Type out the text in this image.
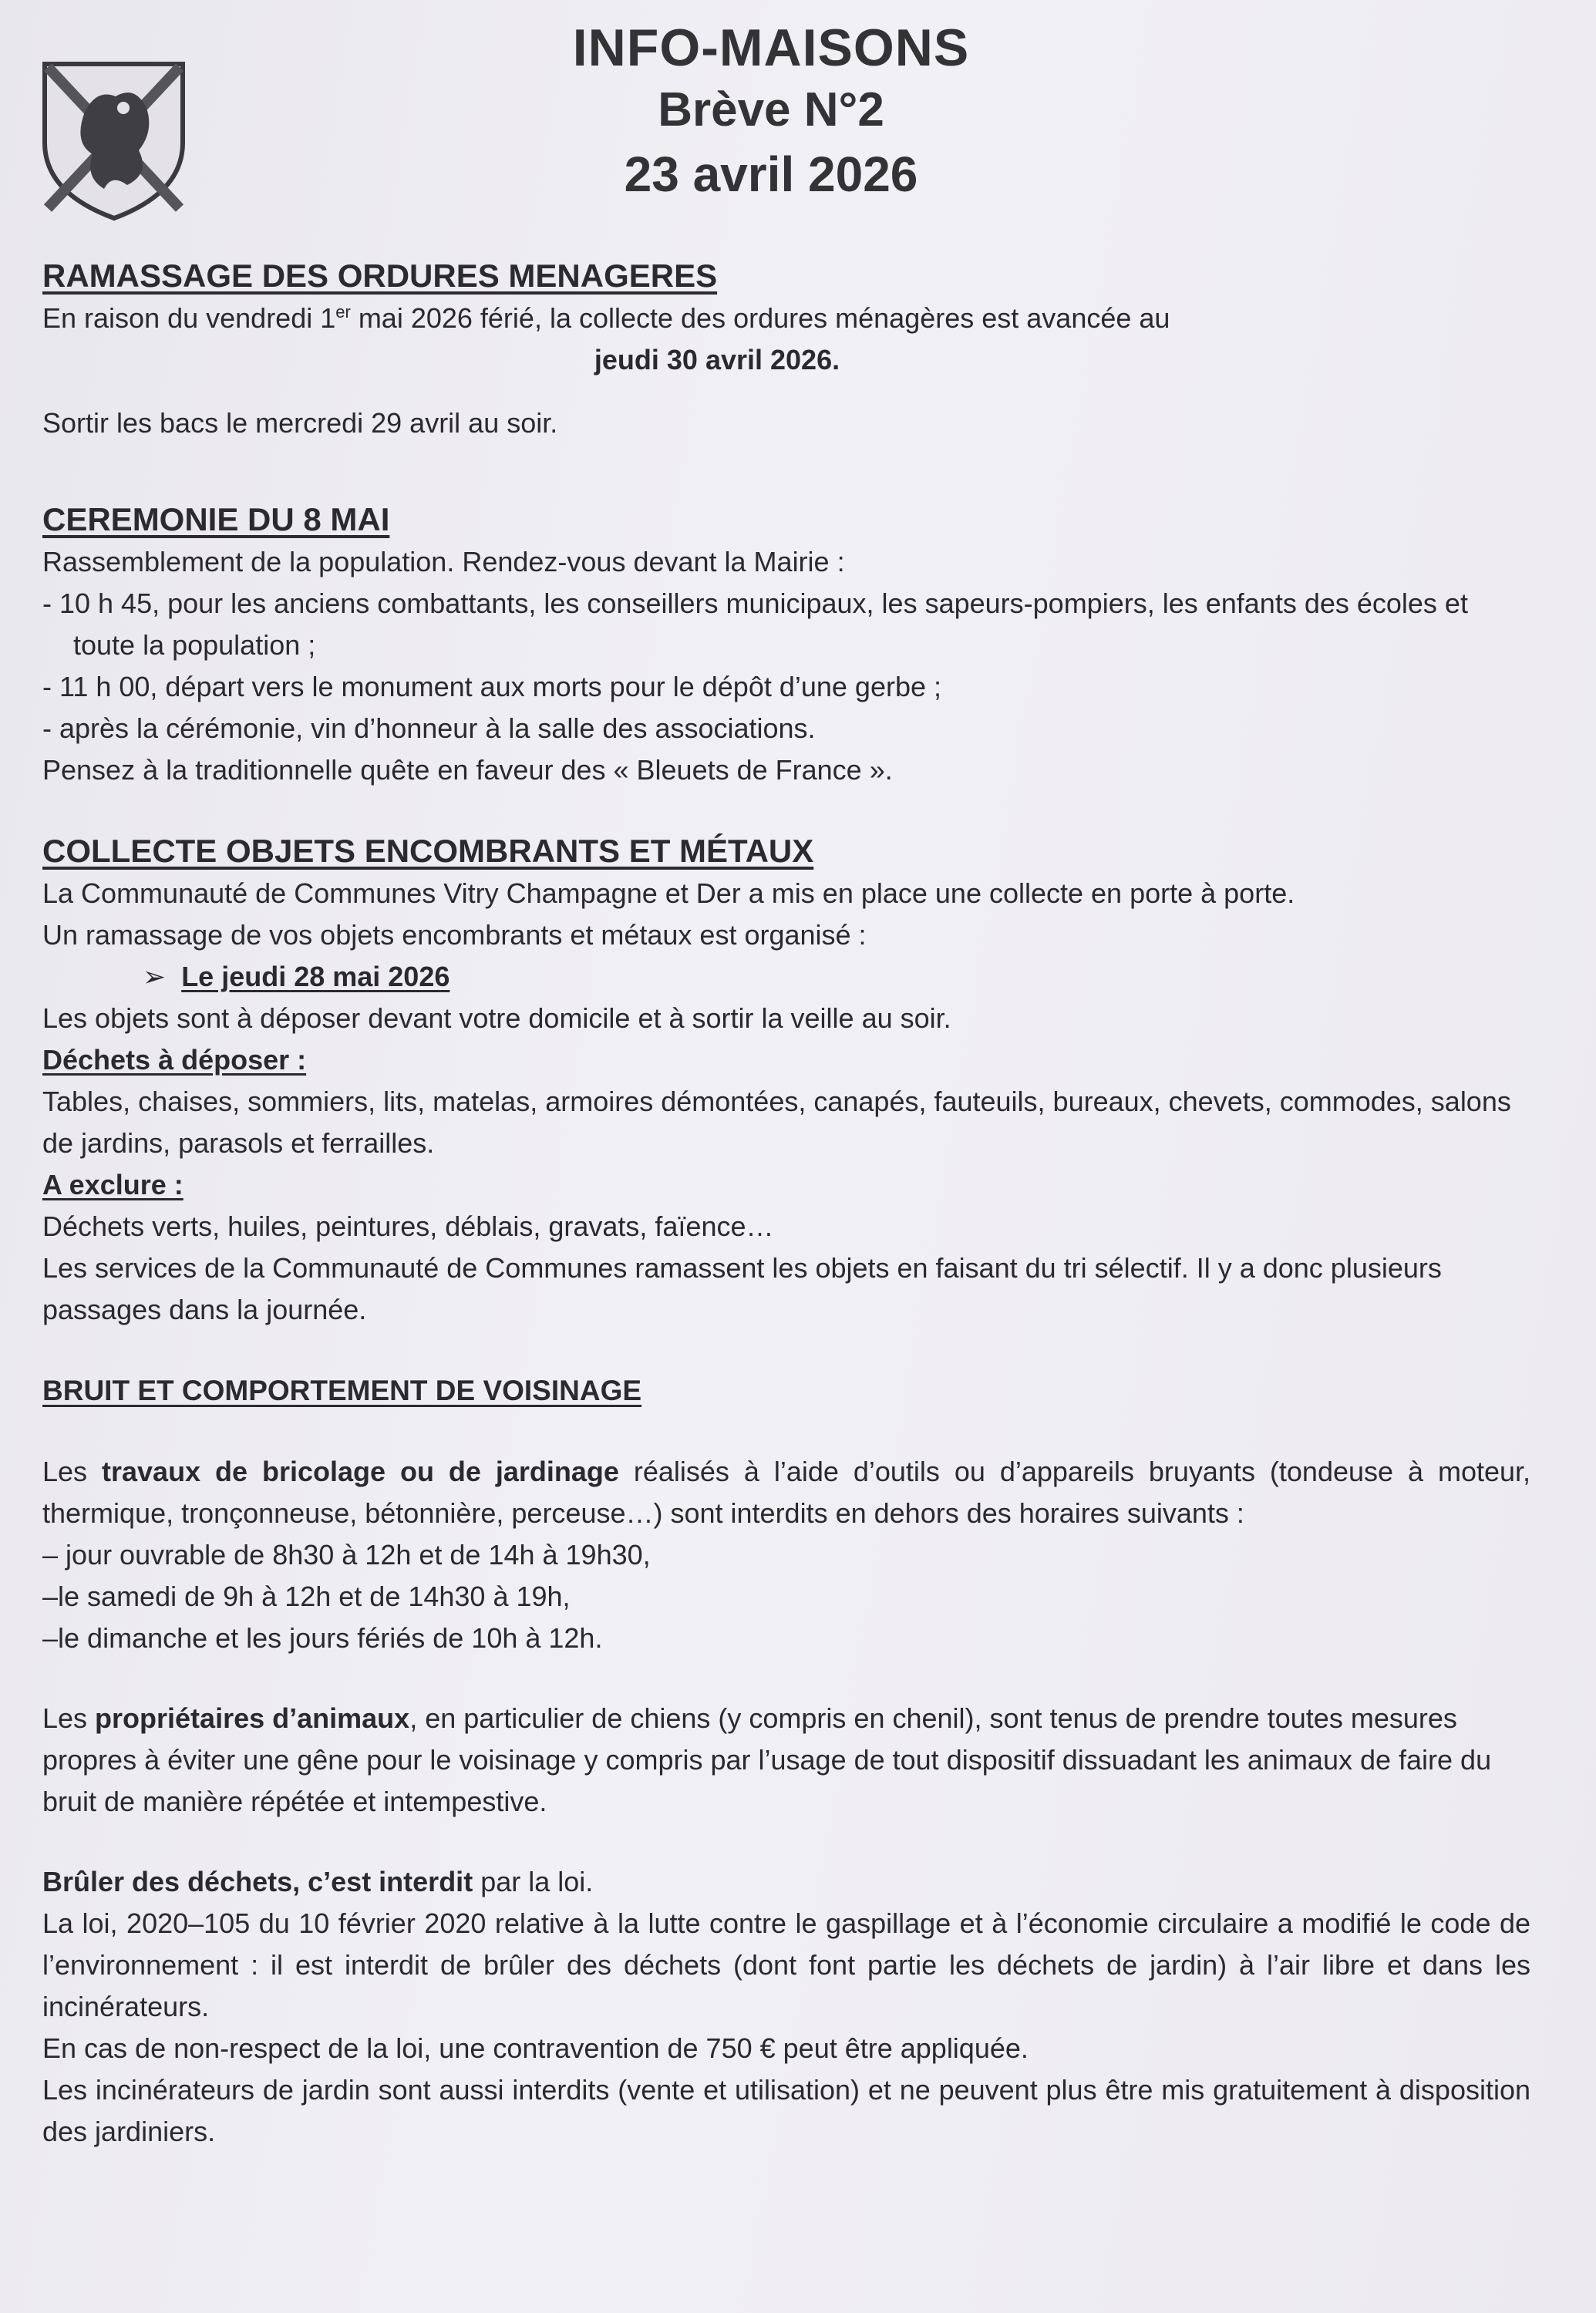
INFO-MAISONS
Brève N°2
23 avril 2026
RAMASSAGE DES ORDURES MENAGERES

En raison du vendredi 1er mai 2026 férié, la collecte des ordures ménagères est avancée au

jeudi 30 avril 2026.

Sortir les bacs le mercredi 29 avril au soir.

CEREMONIE DU 8 MAI

Rassemblement de la population. Rendez-vous devant la Mairie :

- 10 h 45, pour les anciens combattants, les conseillers municipaux, les sapeurs-pompiers, les enfants des écoles et toute la population ;
- 11 h 00, départ vers le monument aux morts pour le dépôt d’une gerbe ;
- après la cérémonie, vin d’honneur à la salle des associations.

Pensez à la traditionnelle quête en faveur des « Bleuets de France ».

COLLECTE OBJETS ENCOMBRANTS ET MÉTAUX

La Communauté de Communes Vitry Champagne et Der a mis en place une collecte en porte à porte.

Un ramassage de vos objets encombrants et métaux est organisé :

➢ Le jeudi 28 mai 2026

Les objets sont à déposer devant votre domicile et à sortir la veille au soir.

Déchets à déposer :

Tables, chaises, sommiers, lits, matelas, armoires démontées, canapés, fauteuils, bureaux, chevets, commodes, salons de jardins, parasols et ferrailles.

A exclure :

Déchets verts, huiles, peintures, déblais, gravats, faïence…

Les services de la Communauté de Communes ramassent les objets en faisant du tri sélectif. Il y a donc plusieurs passages dans la journée.

BRUIT ET COMPORTEMENT DE VOISINAGE

Les travaux de bricolage ou de jardinage réalisés à l’aide d’outils ou d’appareils bruyants (tondeuse à moteur, thermique, tronçonneuse, bétonnière, perceuse…) sont interdits en dehors des horaires suivants :

– jour ouvrable de 8h30 à 12h et de 14h à 19h30,

–le samedi de 9h à 12h et de 14h30 à 19h,

–le dimanche et les jours fériés de 10h à 12h.

Les propriétaires d’animaux, en particulier de chiens (y compris en chenil), sont tenus de prendre toutes mesures propres à éviter une gêne pour le voisinage y compris par l’usage de tout dispositif dissuadant les animaux de faire du bruit de manière répétée et intempestive.

Brûler des déchets, c’est interdit par la loi.

La loi, 2020–105 du 10 février 2020 relative à la lutte contre le gaspillage et à l’économie circulaire a modifié le code de l’environnement : il est interdit de brûler des déchets (dont font partie les déchets de jardin) à l’air libre et dans les incinérateurs.

En cas de non-respect de la loi, une contravention de 750 € peut être appliquée.

Les incinérateurs de jardin sont aussi interdits (vente et utilisation) et ne peuvent plus être mis gratuitement à disposition des jardiniers.
